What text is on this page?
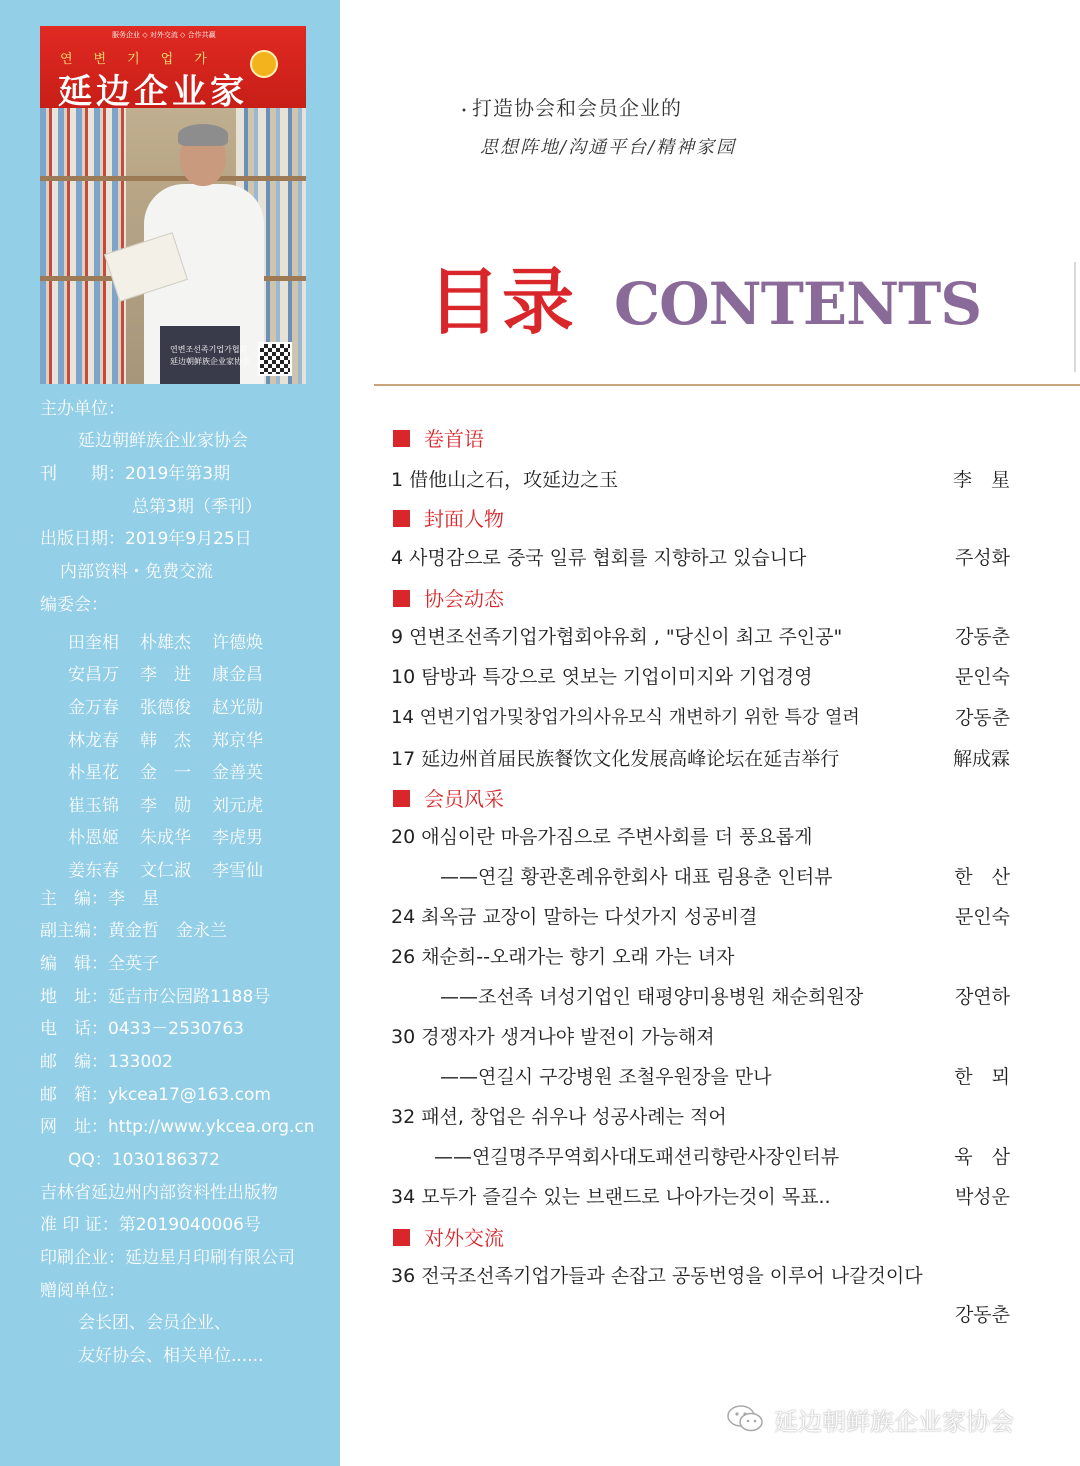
服务企业 ◇ 对外交流 ◇ 合作共赢
연변기업가
延边企业家
연변조선족기업가협회
延边朝鲜族企业家协会
主办单位：
延边朝鲜族企业家协会
刊　　期：2019年第3期
总第3期（季刊）
出版日期：2019年9月25日
内部资料・免费交流
编委会：
田奎相	朴雄杰	许德焕
安昌万	李　进	康金昌
金万春	张德俊	赵光勋
林龙春	韩　杰	郑京华
朴星花	金　一	金善英
崔玉锦	李　勋	刘元虎
朴恩姬	朱成华	李虎男
姜东春	文仁淑	李雪仙
主　编：李　星
副主编：黄金哲　金永兰
编　辑：全英子
地　址：延吉市公园路1188号
电　话：0433－2530763
邮　编：133002
邮　箱：ykcea17@163.com
网　址：http://www.ykcea.org.cn
QQ：1030186372
吉林省延边州内部资料性出版物
准 印 证：第2019040006号
印刷企业：延边星月印刷有限公司
赠阅单位：
会长团、会员企业、
友好协会、相关单位......
・ 打造协会和会员企业的
思想阵地/沟通平台/精神家园
目录 CONTENTS
卷首语
1 借他山之石，攻延边之玉	李　星
封面人物
4 사명감으로 중국 일류 협회를 지향하고 있습니다	주성화
协会动态
9 연변조선족기업가협회야유회 , "당신이 최고 주인공"	강동춘
10 탐방과 특강으로 엿보는 기업이미지와 기업경영	문인숙
14 연변기업가및창업가의사유모식 개변하기 위한 특강 열려	강동춘
17 延边州首届民族餐饮文化发展高峰论坛在延吉举行	解成霖
会员风采
20 애심이란 마음가짐으로 주변사회를 더 풍요롭게
——연길 황관혼례유한회사 대표 림용춘 인터뷰	한　산
24 최옥금 교장이 말하는 다섯가지 성공비결	문인숙
26 채순희--오래가는 향기 오래 가는 녀자
——조선족 녀성기업인 태평양미용병원 채순희원장	장연하
30 경쟁자가 생겨나야 발전이 가능해져
——연길시 구강병원 조철우원장을 만나	한　뫼
32 패션, 창업은 쉬우나 성공사례는 적어
——연길명주무역회사대도패션리향란사장인터뷰	육　삼
34 모두가 즐길수 있는 브랜드로 나아가는것이 목표..	박성운
对外交流
36 전국조선족기업가들과 손잡고 공동번영을 이루어 나갈것이다
강동춘
延边朝鲜族企业家协会
